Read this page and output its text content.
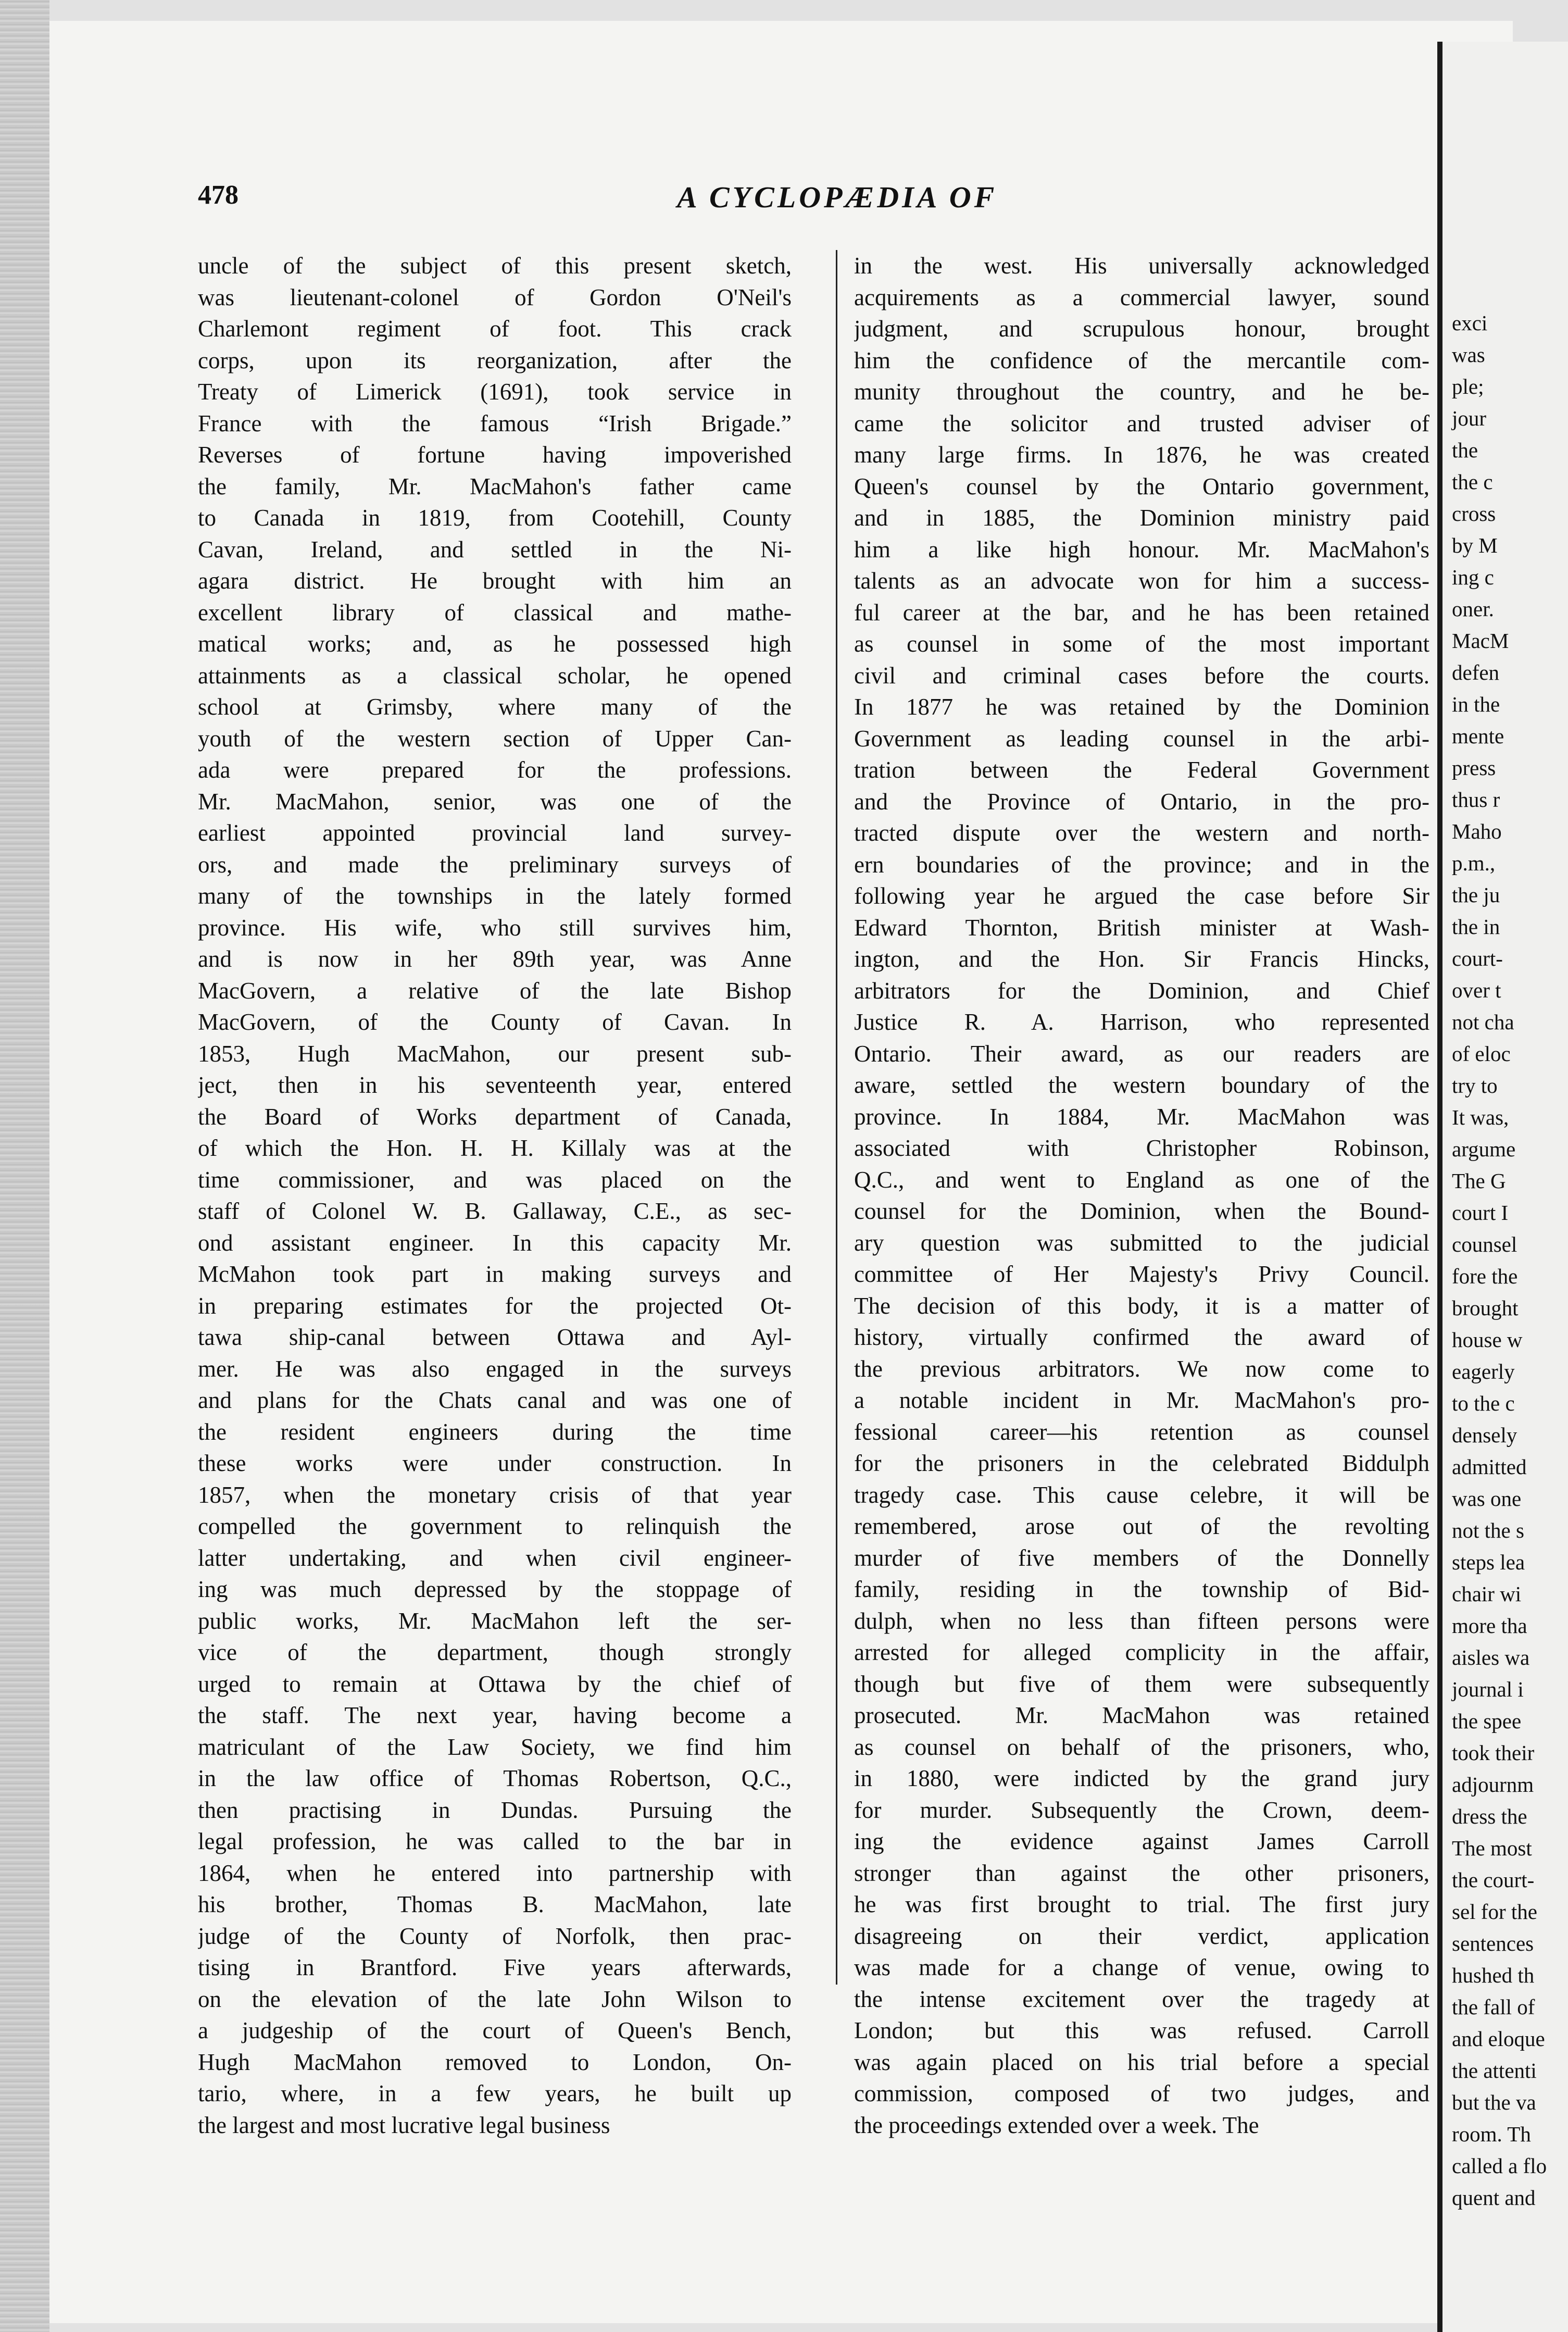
478	A CYCLOPÆDIA OF
uncle of the subject of this present sketch,
was lieutenant-colonel of Gordon O'Neil's
Charlemont regiment of foot. This crack
corps, upon its reorganization, after the
Treaty of Limerick (1691), took service in
France with the famous “Irish Brigade.”
Reverses of fortune having impoverished
the family, Mr. MacMahon's father came
to Canada in 1819, from Cootehill, County
Cavan, Ireland, and settled in the Ni-
agara district. He brought with him an
excellent library of classical and mathe-
matical works; and, as he possessed high
attainments as a classical scholar, he opened
school at Grimsby, where many of the
youth of the western section of Upper Can-
ada were prepared for the professions.
Mr. MacMahon, senior, was one of the
earliest appointed provincial land survey-
ors, and made the preliminary surveys of
many of the townships in the lately formed
province. His wife, who still survives him,
and is now in her 89th year, was Anne
MacGovern, a relative of the late Bishop
MacGovern, of the County of Cavan. In
1853, Hugh MacMahon, our present sub-
ject, then in his seventeenth year, entered
the Board of Works department of Canada,
of which the Hon. H. H. Killaly was at the
time commissioner, and was placed on the
staff of Colonel W. B. Gallaway, C.E., as sec-
ond assistant engineer. In this capacity Mr.
McMahon took part in making surveys and
in preparing estimates for the projected Ot-
tawa ship-canal between Ottawa and Ayl-
mer. He was also engaged in the surveys
and plans for the Chats canal and was one of
the resident engineers during the time
these works were under construction. In
1857, when the monetary crisis of that year
compelled the government to relinquish the
latter undertaking, and when civil engineer-
ing was much depressed by the stoppage of
public works, Mr. MacMahon left the ser-
vice of the department, though strongly
urged to remain at Ottawa by the chief of
the staff. The next year, having become a
matriculant of the Law Society, we find him
in the law office of Thomas Robertson, Q.C.,
then practising in Dundas. Pursuing the
legal profession, he was called to the bar in
1864, when he entered into partnership with
his brother, Thomas B. MacMahon, late
judge of the County of Norfolk, then prac-
tising in Brantford. Five years afterwards,
on the elevation of the late John Wilson to
a judgeship of the court of Queen's Bench,
Hugh MacMahon removed to London, On-
tario, where, in a few years, he built up
the largest and most lucrative legal business
in the west. His universally acknowledged
acquirements as a commercial lawyer, sound
judgment, and scrupulous honour, brought
him the confidence of the mercantile com-
munity throughout the country, and he be-
came the solicitor and trusted adviser of
many large firms. In 1876, he was created
Queen's counsel by the Ontario government,
and in 1885, the Dominion ministry paid
him a like high honour. Mr. MacMahon's
talents as an advocate won for him a success-
ful career at the bar, and he has been retained
as counsel in some of the most important
civil and criminal cases before the courts.
In 1877 he was retained by the Dominion
Government as leading counsel in the arbi-
tration between the Federal Government
and the Province of Ontario, in the pro-
tracted dispute over the western and north-
ern boundaries of the province; and in the
following year he argued the case before Sir
Edward Thornton, British minister at Wash-
ington, and the Hon. Sir Francis Hincks,
arbitrators for the Dominion, and Chief
Justice R. A. Harrison, who represented
Ontario. Their award, as our readers are
aware, settled the western boundary of the
province. In 1884, Mr. MacMahon was
associated with Christopher Robinson,
Q.C., and went to England as one of the
counsel for the Dominion, when the Bound-
ary question was submitted to the judicial
committee of Her Majesty's Privy Council.
The decision of this body, it is a matter of
history, virtually confirmed the award of
the previous arbitrators. We now come to
a notable incident in Mr. MacMahon's pro-
fessional career—his retention as counsel
for the prisoners in the celebrated Biddulph
tragedy case. This cause celebre, it will be
remembered, arose out of the revolting
murder of five members of the Donnelly
family, residing in the township of Bid-
dulph, when no less than fifteen persons were
arrested for alleged complicity in the affair,
though but five of them were subsequently
prosecuted. Mr. MacMahon was retained
as counsel on behalf of the prisoners, who,
in 1880, were indicted by the grand jury
for murder. Subsequently the Crown, deem-
ing the evidence against James Carroll
stronger than against the other prisoners,
he was first brought to trial. The first jury
disagreeing on their verdict, application
was made for a change of venue, owing to
the intense excitement over the tragedy at
London; but this was refused. Carroll
was again placed on his trial before a special
commission, composed of two judges, and
the proceedings extended over a week. The
exci
was
ple;
jour
the
the c
cross
by M
ing c
oner.
MacM
defen
in the
mente
press
thus r
Maho
p.m.,
the ju
the in
court-
over t
not cha
of eloc
try to
It was,
argume
The G
court I
counsel
fore the
brought
house w
eagerly
to the c
densely
admitted
was one
not the s
steps lea
chair wi
more tha
aisles wa
journal i
the spee
took their
adjournm
dress the
The most
the court-
sel for the
sentences
hushed th
the fall of
and eloque
the attenti
but the va
room. Th
called a flo
quent and
